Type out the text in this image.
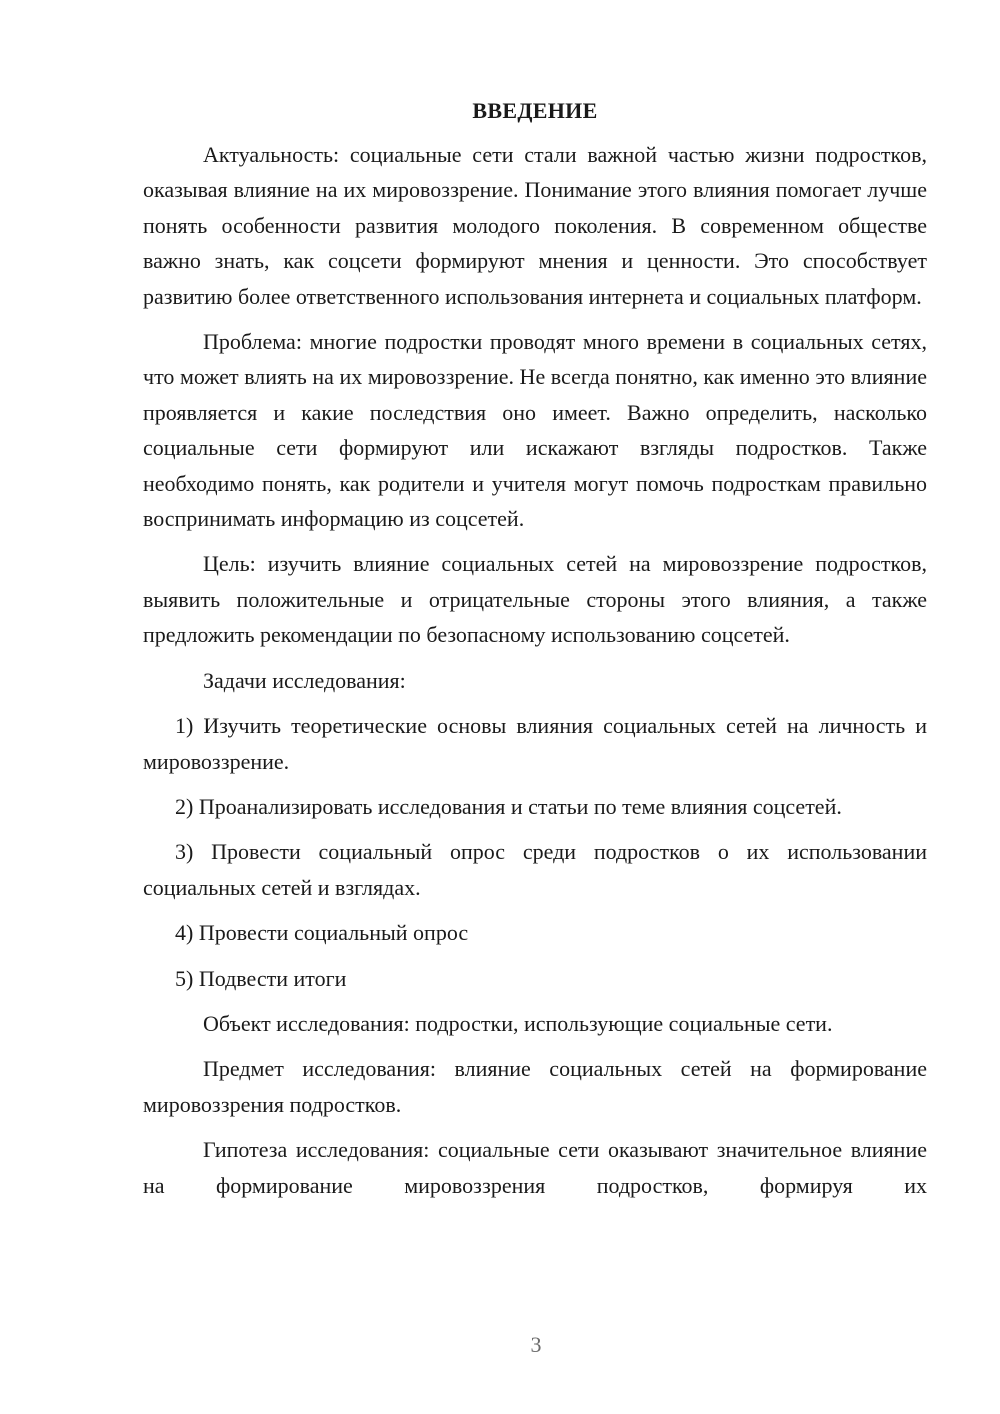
ВВЕДЕНИЕ

Актуальность: социальные сети стали важной частью жизни подростков, оказывая влияние на их мировоззрение. Понимание этого влияния помогает лучше понять особенности развития молодого поколения. В современном обществе важно знать, как соцсети формируют мнения и ценности. Это способствует развитию более ответственного использования интернета и социальных платформ.

Проблема: многие подростки проводят много времени в социальных сетях, что может влиять на их мировоззрение. Не всегда понятно, как именно это влияние проявляется и какие последствия оно имеет. Важно определить, насколько социальные сети формируют или искажают взгляды подростков. Также необходимо понять, как родители и учителя могут помочь подросткам правильно воспринимать информацию из соцсетей.

Цель: изучить влияние социальных сетей на мировоззрение подростков, выявить положительные и отрицательные стороны этого влияния, а также предложить рекомендации по безопасному использованию соцсетей.

Задачи исследования:

1) Изучить теоретические основы влияния социальных сетей на личность и мировоззрение.

2) Проанализировать исследования и статьи по теме влияния соцсетей.

3) Провести социальный опрос среди подростков о их использовании социальных сетей и взглядах.

4) Провести социальный опрос

5) Подвести итоги

Объект исследования: подростки, использующие социальные сети.

Предмет исследования: влияние социальных сетей на формирование мировоззрения подростков.

Гипотеза исследования: социальные сети оказывают значительное влияние на формирование мировоззрения подростков, формируя их

3
